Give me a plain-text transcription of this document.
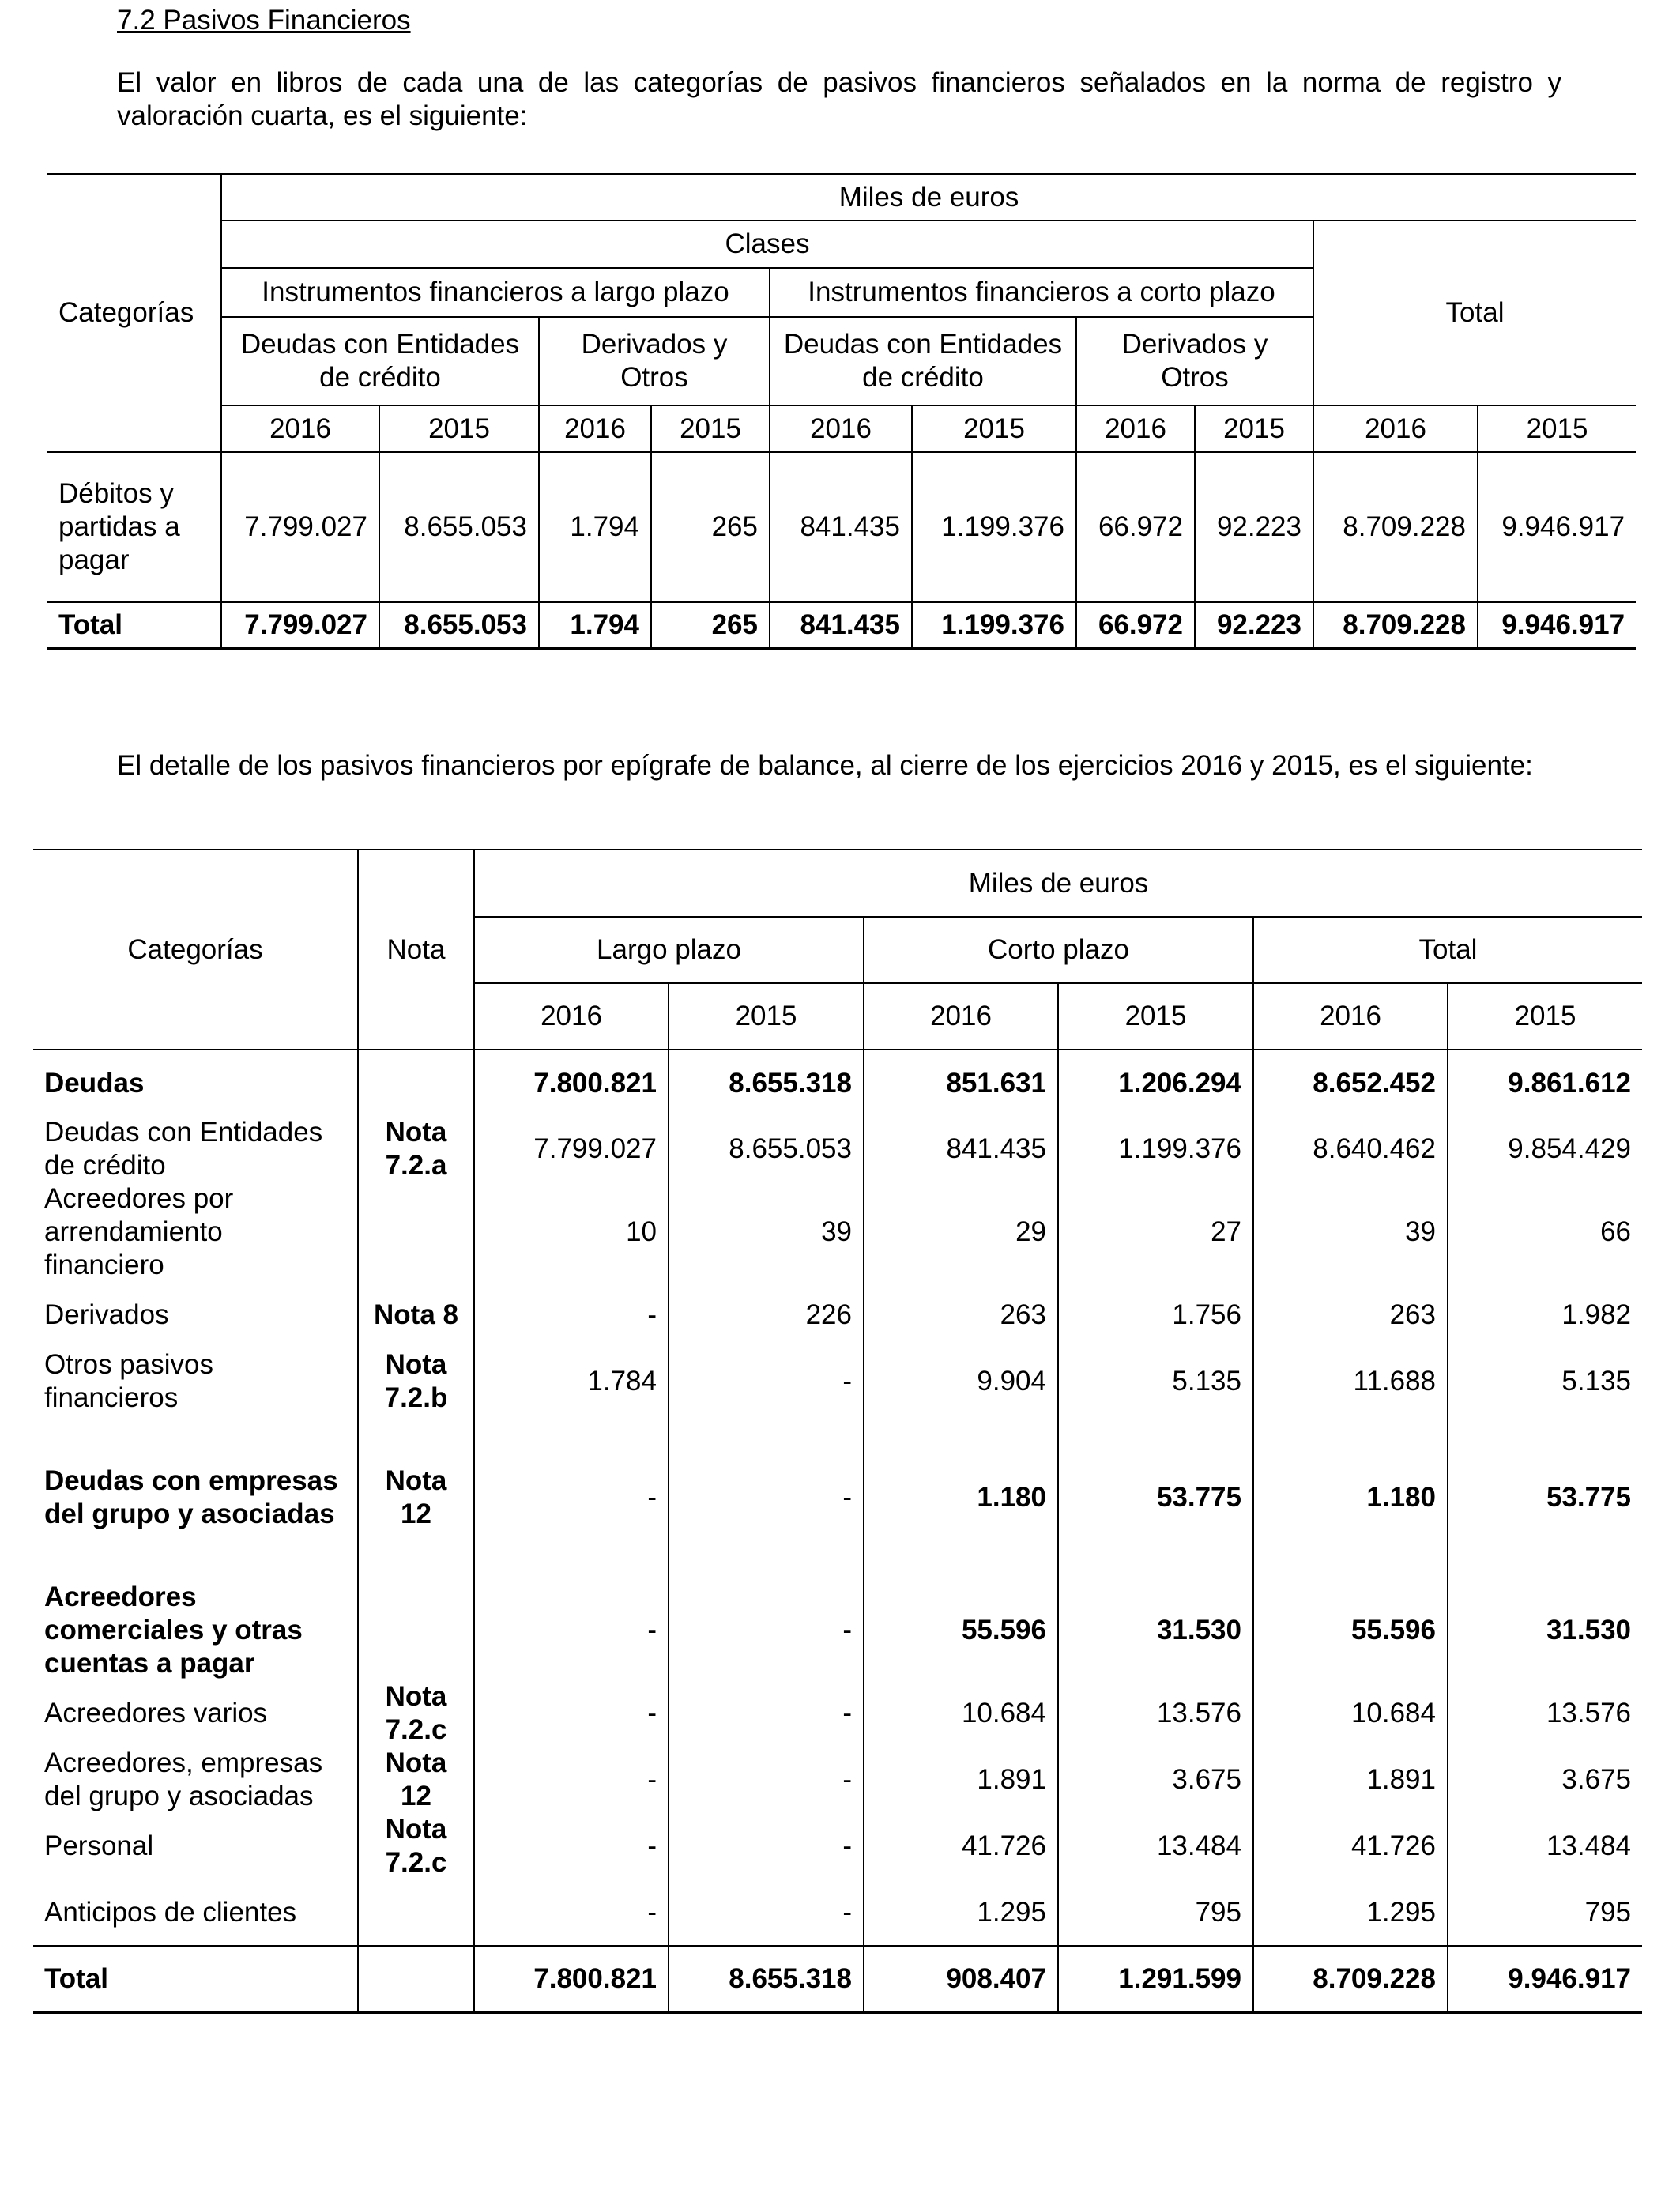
7.2 Pasivos Financieros
El valor en libros de cada una de las categorías de pasivos financieros señalados en la norma de registro y valoración cuarta, es el siguiente:
Categorías	Miles de euros									
	Clases								Total	
	Instrumentos financieros a largo plazo				Instrumentos financieros a corto plazo					
	Deudas con Entidades de crédito		Derivados y Otros		Deudas con Entidades de crédito		Derivados y Otros			
	2016	2015	2016	2015	2016	2015	2016	2015	2016	2015
Débitos y partidas a pagar	7.799.027	8.655.053	1.794	265	841.435	1.199.376	66.972	92.223	8.709.228	9.946.917
Total	7.799.027	8.655.053	1.794	265	841.435	1.199.376	66.972	92.223	8.709.228	9.946.917
El detalle de los pasivos financieros por epígrafe de balance, al cierre de los ejercicios 2016 y 2015, es el siguiente:
Categorías	Nota	Miles de euros					
		Largo plazo		Corto plazo		Total	
		2016	2015	2016	2015	2016	2015
Deudas		7.800.821	8.655.318	851.631	1.206.294	8.652.452	9.861.612
Deudas con Entidades de crédito	Nota 7.2.a	7.799.027	8.655.053	841.435	1.199.376	8.640.462	9.854.429
Acreedores por arrendamiento financiero		10	39	29	27	39	66
Derivados	Nota 8	-	226	263	1.756	263	1.982
Otros pasivos financieros	Nota 7.2.b	1.784	-	9.904	5.135	11.688	5.135

Deudas con empresas del grupo y asociadas	Nota 12	-	-	1.180	53.775	1.180	53.775

Acreedores comerciales y otras cuentas a pagar		-	-	55.596	31.530	55.596	31.530
Acreedores varios	Nota 7.2.c	-	-	10.684	13.576	10.684	13.576
Acreedores, empresas del grupo y asociadas	Nota 12	-	-	1.891	3.675	1.891	3.675
Personal	Nota 7.2.c	-	-	41.726	13.484	41.726	13.484
Anticipos de clientes		-	-	1.295	795	1.295	795
Total		7.800.821	8.655.318	908.407	1.291.599	8.709.228	9.946.917
